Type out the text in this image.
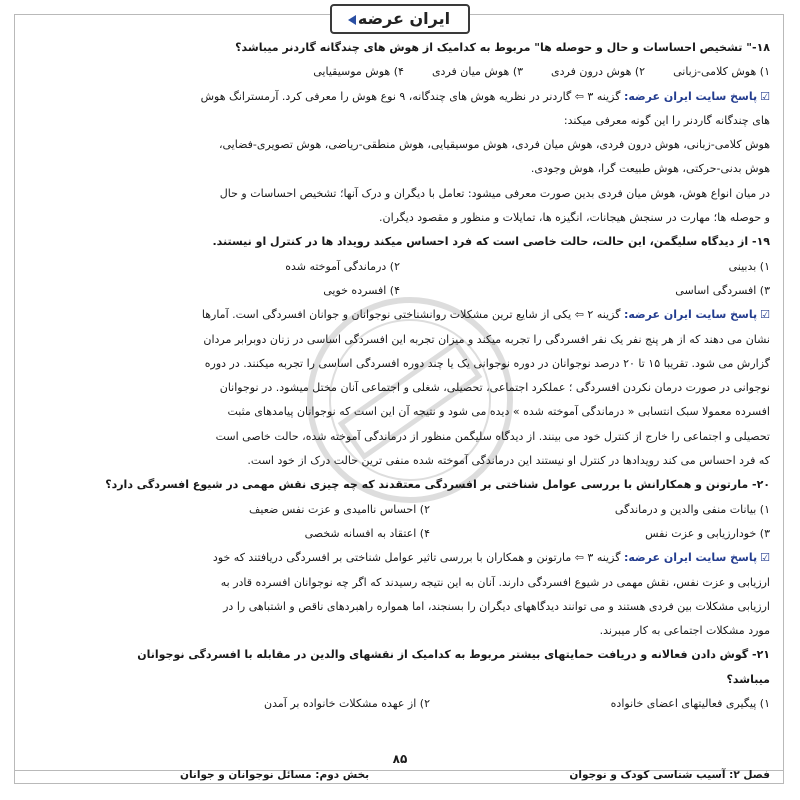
ایران عرضه

۱۸-" تشخیص احساسات و حال و حوصله ها" مربوط به کدامیک از هوش های چندگانه گاردنر میباشد؟

۱) هوش کلامی-زبانی
۲) هوش درون فردی
۳) هوش میان فردی
۴) هوش موسیقیایی

☑پاسخ سایت ایران عرضه: گزینه ۳ ⇦ گاردنر در نظریه هوش های چندگانه، ۹ نوع هوش را معرفی کرد. آرمسترانگ هوش

های چندگانه گاردنر را این گونه معرفی میکند:

هوش کلامی-زبانی، هوش درون فردی، هوش میان فردی، هوش موسیقیایی، هوش منطقی-ریاضی، هوش تصویری-فضایی،

هوش بدنی-حرکتی، هوش طبیعت گرا، هوش وجودی.

در میان انواع هوش، هوش میان فردی بدین صورت معرفی میشود: تعامل با دیگران و درک آنها؛ تشخیص احساسات و حال

و حوصله ها؛ مهارت در سنجش هیجانات، انگیزه ها، تمایلات و منظور و مقصود دیگران.

۱۹- از دیدگاه سلیگمن، این حالت، حالت خاصی است که فرد احساس میکند رویداد ها در کنترل او نیستند.

۱) بدبینی
۲) درماندگی آموخته شده
۳) افسردگی اساسی
۴) افسرده خویی

☑پاسخ سایت ایران عرضه: گزینه ۲ ⇦ یکی از شایع ترین مشکلات روانشناختی نوجوانان و جوانان افسردگی است. آمارها

نشان می دهند که از هر پنج نفر یک نفر افسردگی را تجربه میکند و میزان تجربه این افسردگی اساسی در زنان دوبرابر مردان

گزارش می شود. تقریبا ۱۵ تا ۲۰ درصد نوجوانان در دوره نوجوانی یک یا چند دوره افسردگی اساسی را تجربه میکنند. در دوره

نوجوانی در صورت درمان نکردن افسردگی ؛ عملکرد اجتماعی، تحصیلی، شغلی و اجتماعی آنان مختل میشود. در نوجوانان

افسرده معمولا سبک انتسابی « درماندگی آموخته شده » دیده می شود و نتیجه آن این است که نوجوانان پیامدهای مثبت

تحصیلی و اجتماعی را خارج از کنترل خود می بینند. از دیدگاه سلیگمن منظور از درماندگی آموخته شده، حالت خاصی است

که فرد احساس می کند رویدادها در کنترل او نیستند این درماندگی آموخته شده منفی ترین حالت درک از خود است.

۲۰- مارتونن و همکارانش با بررسی عوامل شناختی بر افسردگی معتقدند که چه چیزی نقش مهمی در شیوع افسردگی دارد؟

۱) بیانات منفی والدین و درماندگی
۲) احساس ناامیدی و عزت نفس ضعیف
۳) خودارزیابی و عزت نفس
۴) اعتقاد به افسانه شخصی

☑پاسخ سایت ایران عرضه: گزینه ۳ ⇦ مارتونن و همکاران با بررسی تاثیر عوامل شناختی بر افسردگی دریافتند که خود

ارزیابی و عزت نفس، نقش مهمی در شیوع افسردگی دارند. آنان به این نتیجه رسیدند که اگر چه نوجوانان افسرده قادر به

ارزیابی مشکلات بین فردی هستند و می توانند دیدگاههای دیگران را بسنجند، اما همواره راهبردهای ناقص و اشتباهی را در

مورد مشکلات اجتماعی به کار میبرند.

۲۱- گوش دادن فعالانه و دریافت حمایتهای بیشتر مربوط به کدامیک از نقشهای والدین در مقابله با افسردگی نوجوانان

میباشد؟

۱) پیگیری فعالیتهای اعضای خانواده
۲) از عهده مشکلات خانواده بر آمدن
۸۵
فصل ۲: آسیب شناسی کودک و نوجوان
بخش دوم: مسائل نوجوانان و جوانان
